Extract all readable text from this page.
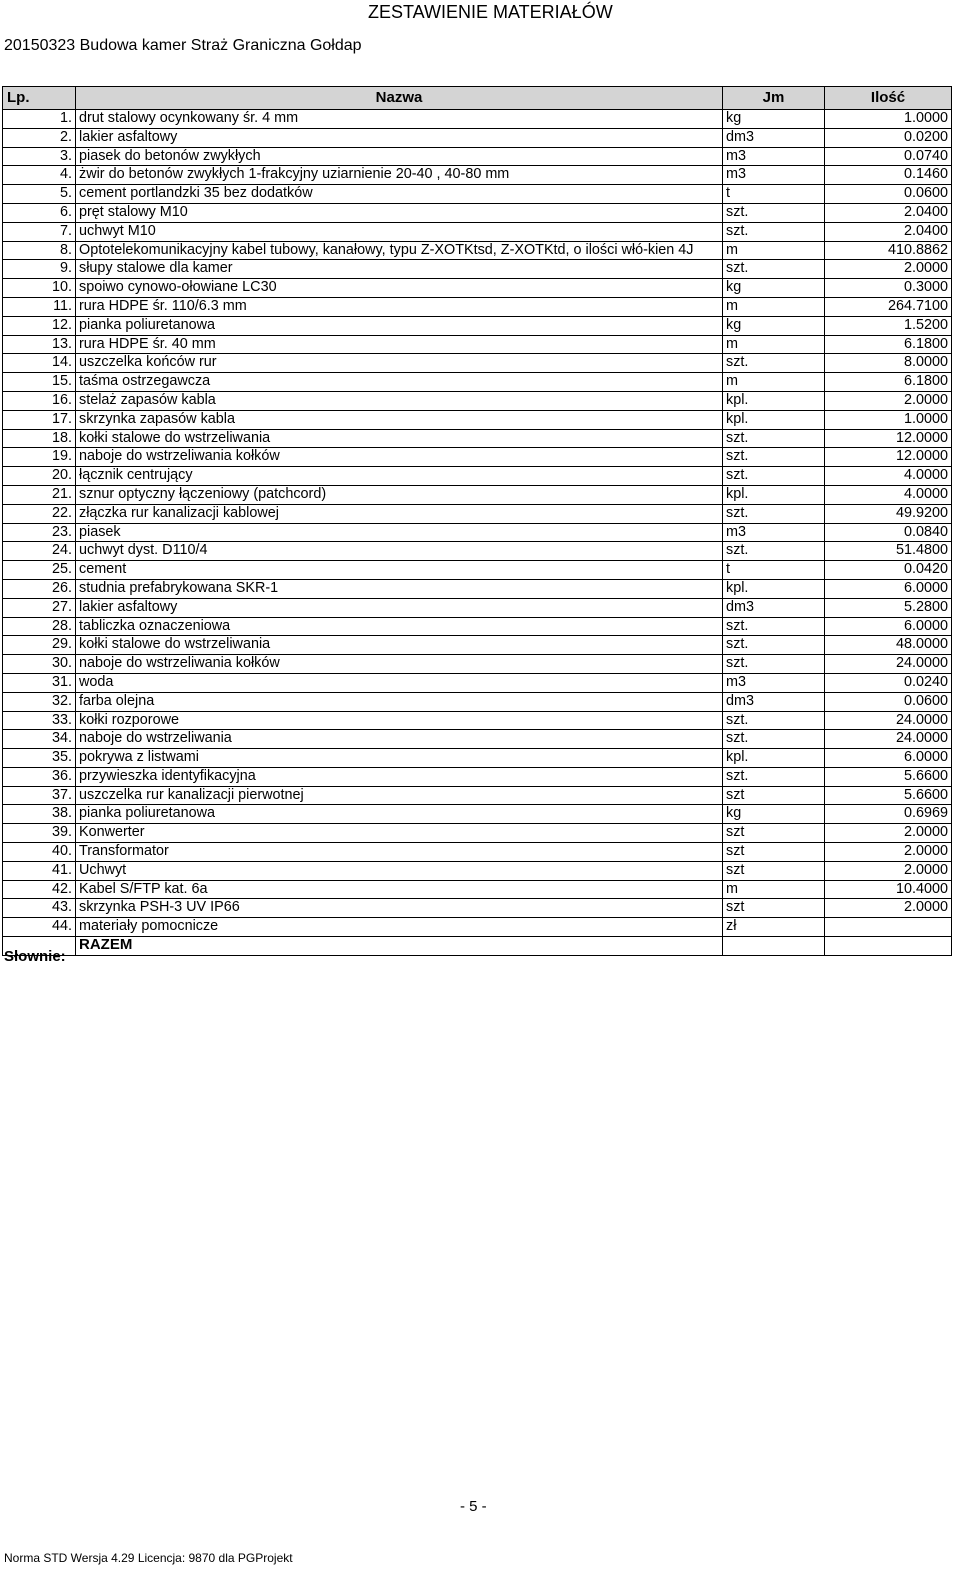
ZESTAWIENIE MATERIAŁÓW
20150323 Budowa kamer Straż Graniczna Gołdap
Lp.	Nazwa	Jm	Ilość
1.	drut stalowy ocynkowany śr. 4 mm	kg	1.0000
2.	lakier asfaltowy	dm3	0.0200
3.	piasek do betonów zwykłych	m3	0.0740
4.	żwir do betonów zwykłych 1-frakcyjny uziarnienie 20-40 , 40-80 mm	m3	0.1460
5.	cement portlandzki 35 bez dodatków	t	0.0600
6.	pręt stalowy M10	szt.	2.0400
7.	uchwyt M10	szt.	2.0400
8.	Optotelekomunikacyjny kabel tubowy, kanałowy, typu Z-XOTKtsd, Z-XOTKtd, o ilości włó-kien 4J	m	410.8862
9.	słupy stalowe dla kamer	szt.	2.0000
10.	spoiwo cynowo-ołowiane LC30	kg	0.3000
11.	rura HDPE śr. 110/6.3 mm	m	264.7100
12.	pianka poliuretanowa	kg	1.5200
13.	rura HDPE śr. 40 mm	m	6.1800
14.	uszczelka końców rur	szt.	8.0000
15.	taśma ostrzegawcza	m	6.1800
16.	stelaż zapasów kabla	kpl.	2.0000
17.	skrzynka zapasów kabla	kpl.	1.0000
18.	kołki stalowe do wstrzeliwania	szt.	12.0000
19.	naboje do wstrzeliwania kołków	szt.	12.0000
20.	łącznik centrujący	szt.	4.0000
21.	sznur optyczny łączeniowy (patchcord)	kpl.	4.0000
22.	złączka rur kanalizacji kablowej	szt.	49.9200
23.	piasek	m3	0.0840
24.	uchwyt dyst. D110/4	szt.	51.4800
25.	cement	t	0.0420
26.	studnia prefabrykowana SKR-1	kpl.	6.0000
27.	lakier asfaltowy	dm3	5.2800
28.	tabliczka oznaczeniowa	szt.	6.0000
29.	kołki stalowe do wstrzeliwania	szt.	48.0000
30.	naboje do wstrzeliwania kołków	szt.	24.0000
31.	woda	m3	0.0240
32.	farba olejna	dm3	0.0600
33.	kołki rozporowe	szt.	24.0000
34.	naboje do wstrzeliwania	szt.	24.0000
35.	pokrywa z listwami	kpl.	6.0000
36.	przywieszka identyfikacyjna	szt.	5.6600
37.	uszczelka rur kanalizacji pierwotnej	szt	5.6600
38.	pianka poliuretanowa	kg	0.6969
39.	Konwerter	szt	2.0000
40.	Transformator	szt	2.0000
41.	Uchwyt	szt	2.0000
42.	Kabel S/FTP kat. 6a	m	10.4000
43.	skrzynka PSH-3 UV IP66	szt	2.0000
44.	materiały pomocnicze	zł	
	RAZEM		
Słownie:
- 5 -
Norma STD Wersja 4.29 Licencja: 9870 dla PGProjekt
